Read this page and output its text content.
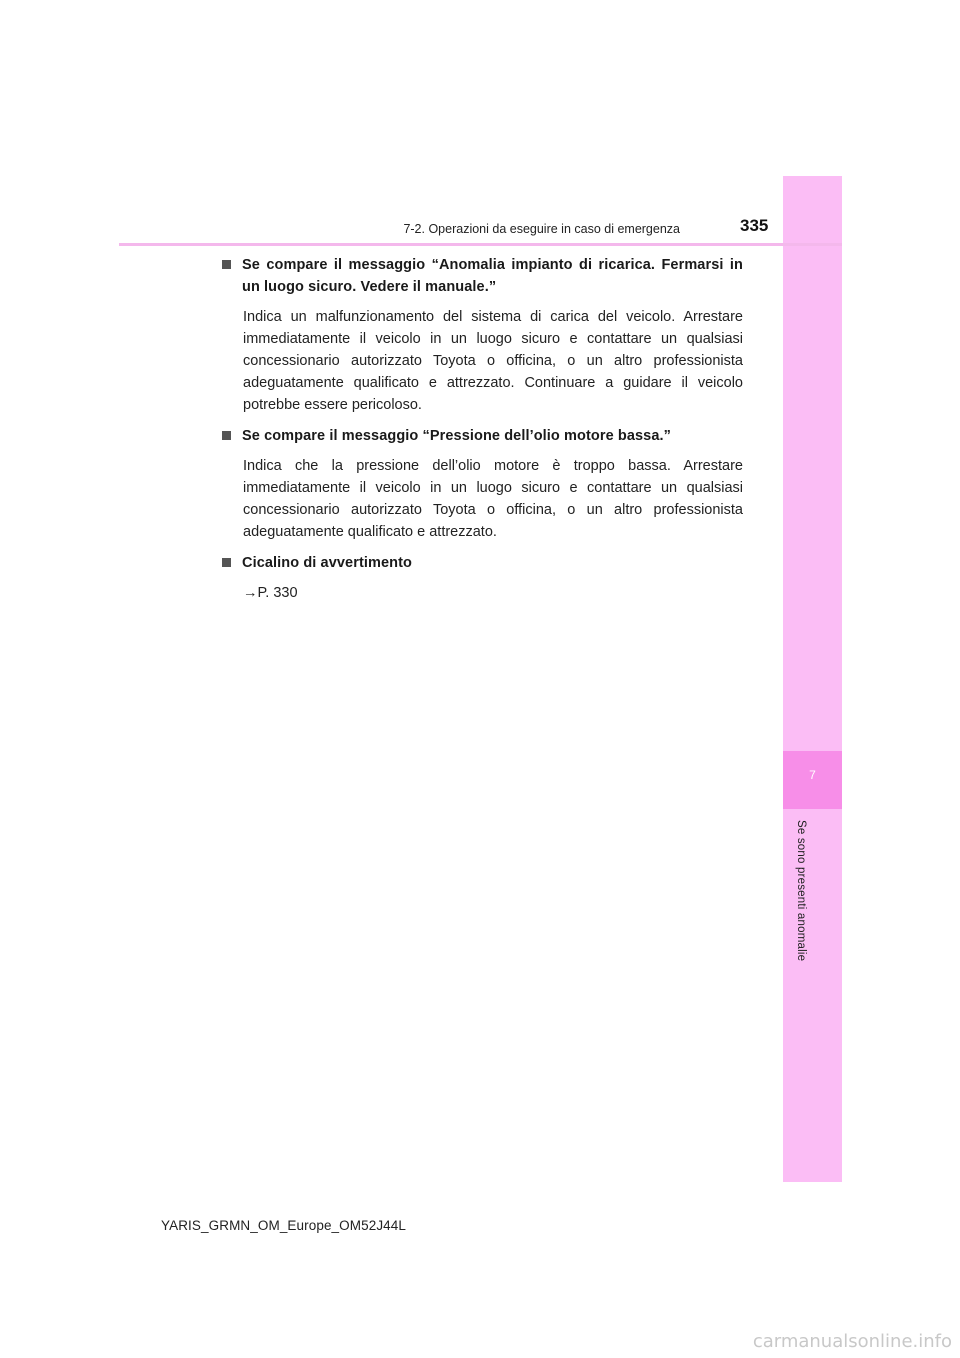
7
Se sono presenti anomalie
7-2. Operazioni da eseguire in caso di emergenza	335
Se compare il messaggio “Anomalia impianto di ricarica. Fermarsi in un luogo sicuro. Vedere il manuale.”
Indica un malfunzionamento del sistema di carica del veicolo. Arrestare immediatamente il veicolo in un luogo sicuro e contattare un qualsiasi concessionario autorizzato Toyota o officina, o un altro professionista adeguatamente qualificato e attrezzato. Continuare a guidare il veicolo potrebbe essere pericoloso.
Se compare il messaggio “Pressione dell’olio motore bassa.”
Indica che la pressione dell’olio motore è troppo bassa. Arrestare immediatamente il veicolo in un luogo sicuro e contattare un qualsiasi concessionario autorizzato Toyota o officina, o un altro professionista adeguatamente qualificato e attrezzato.
Cicalino di avvertimento
→P. 330
YARIS_GRMN_OM_Europe_OM52J44L
carmanualsonline.info
